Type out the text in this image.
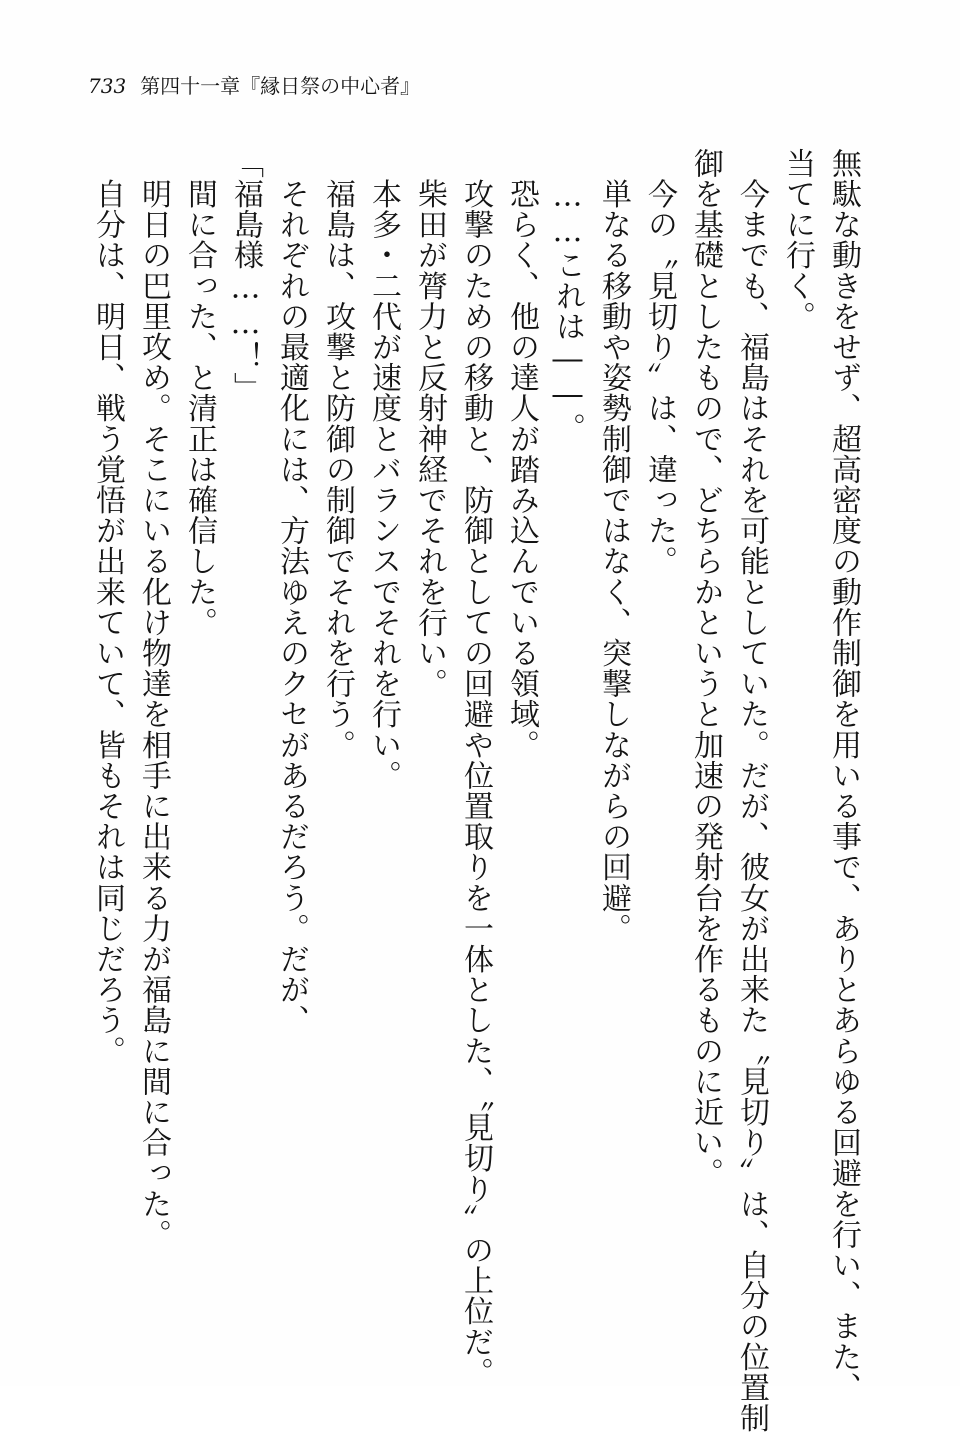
733 第四十一章『縁日祭の中心者』
無駄な動きをせず、超高密度の動作制御を用いる事で、ありとあらゆる回避を行い、また、
当てに行く。
　今までも、福島はそれを可能としていた。だが、彼女が出来た〝見切り〟は、自分の位置制
御を基礎としたもので、どちらかというと加速の発射台を作るものに近い。
　今の〝見切り〟は、違った。
　単なる移動や姿勢制御ではなく、突撃しながらの回避。
　……これは――。
　恐らく、他の達人が踏み込んでいる領域。
　攻撃のための移動と、防御としての回避や位置取りを一体とした、〝見切り〟の上位だ。
　柴田が膂力と反射神経でそれを行い。
　本多・二代が速度とバランスでそれを行い。
　福島は、攻撃と防御の制御でそれを行う。
　それぞれの最適化には、方法ゆえのクセがあるだろう。だが、
「福島様……！」
　間に合った、と清正は確信した。
　明日の巴里攻め。そこにいる化け物達を相手に出来る力が福島に間に合った。
　自分は、明日、戦う覚悟が出来ていて、皆もそれは同じだろう。
